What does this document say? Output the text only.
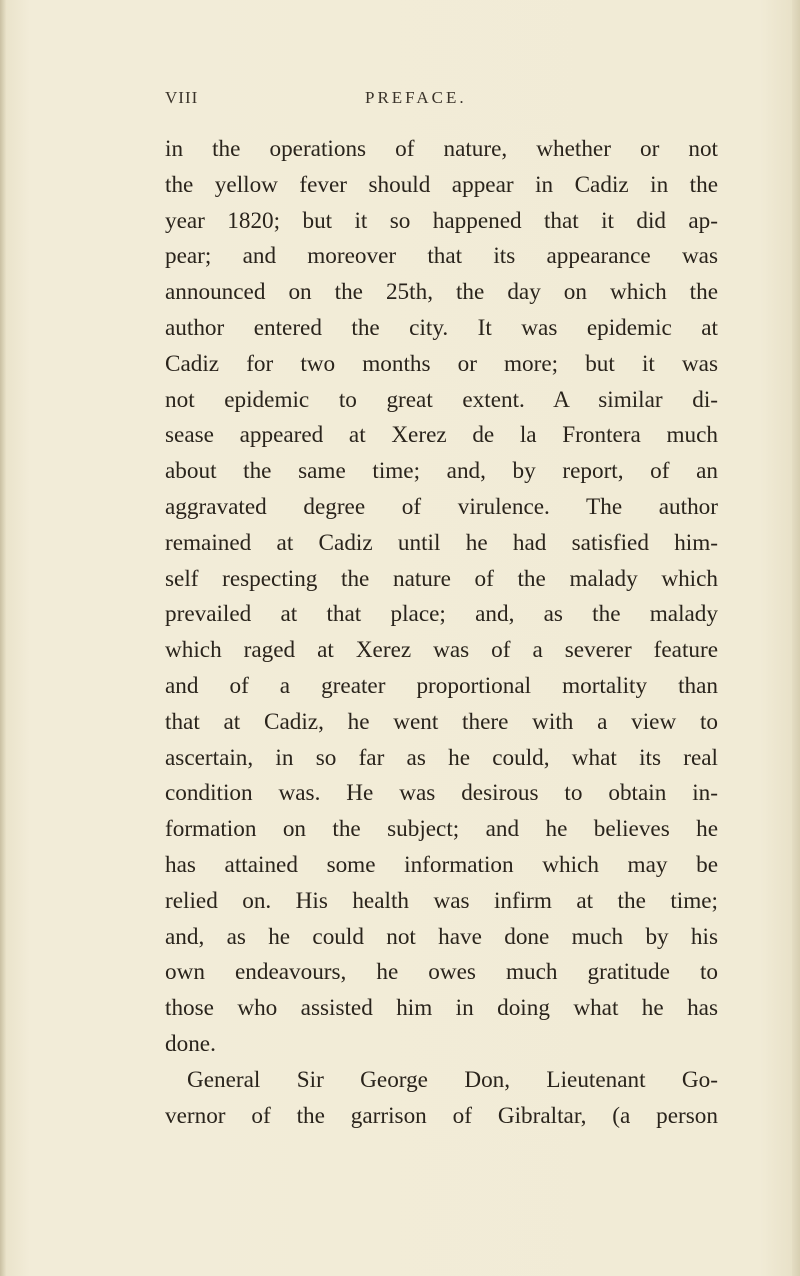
VIII	PREFACE.
in the operations of nature, whether or not
the yellow fever should appear in Cadiz in the
year 1820; but it so happened that it did ap-
pear; and moreover that its appearance was
announced on the 25th, the day on which the
author entered the city. It was epidemic at
Cadiz for two months or more; but it was
not epidemic to great extent. A similar di-
sease appeared at Xerez de la Frontera much
about the same time; and, by report, of an
aggravated degree of virulence. The author
remained at Cadiz until he had satisfied him-
self respecting the nature of the malady which
prevailed at that place; and, as the malady
which raged at Xerez was of a severer feature
and of a greater proportional mortality than
that at Cadiz, he went there with a view to
ascertain, in so far as he could, what its real
condition was. He was desirous to obtain in-
formation on the subject; and he believes he
has attained some information which may be
relied on. His health was infirm at the time;
and, as he could not have done much by his
own endeavours, he owes much gratitude to
those who assisted him in doing what he has
done.
General Sir George Don, Lieutenant Go-
vernor of the garrison of Gibraltar, (a person
